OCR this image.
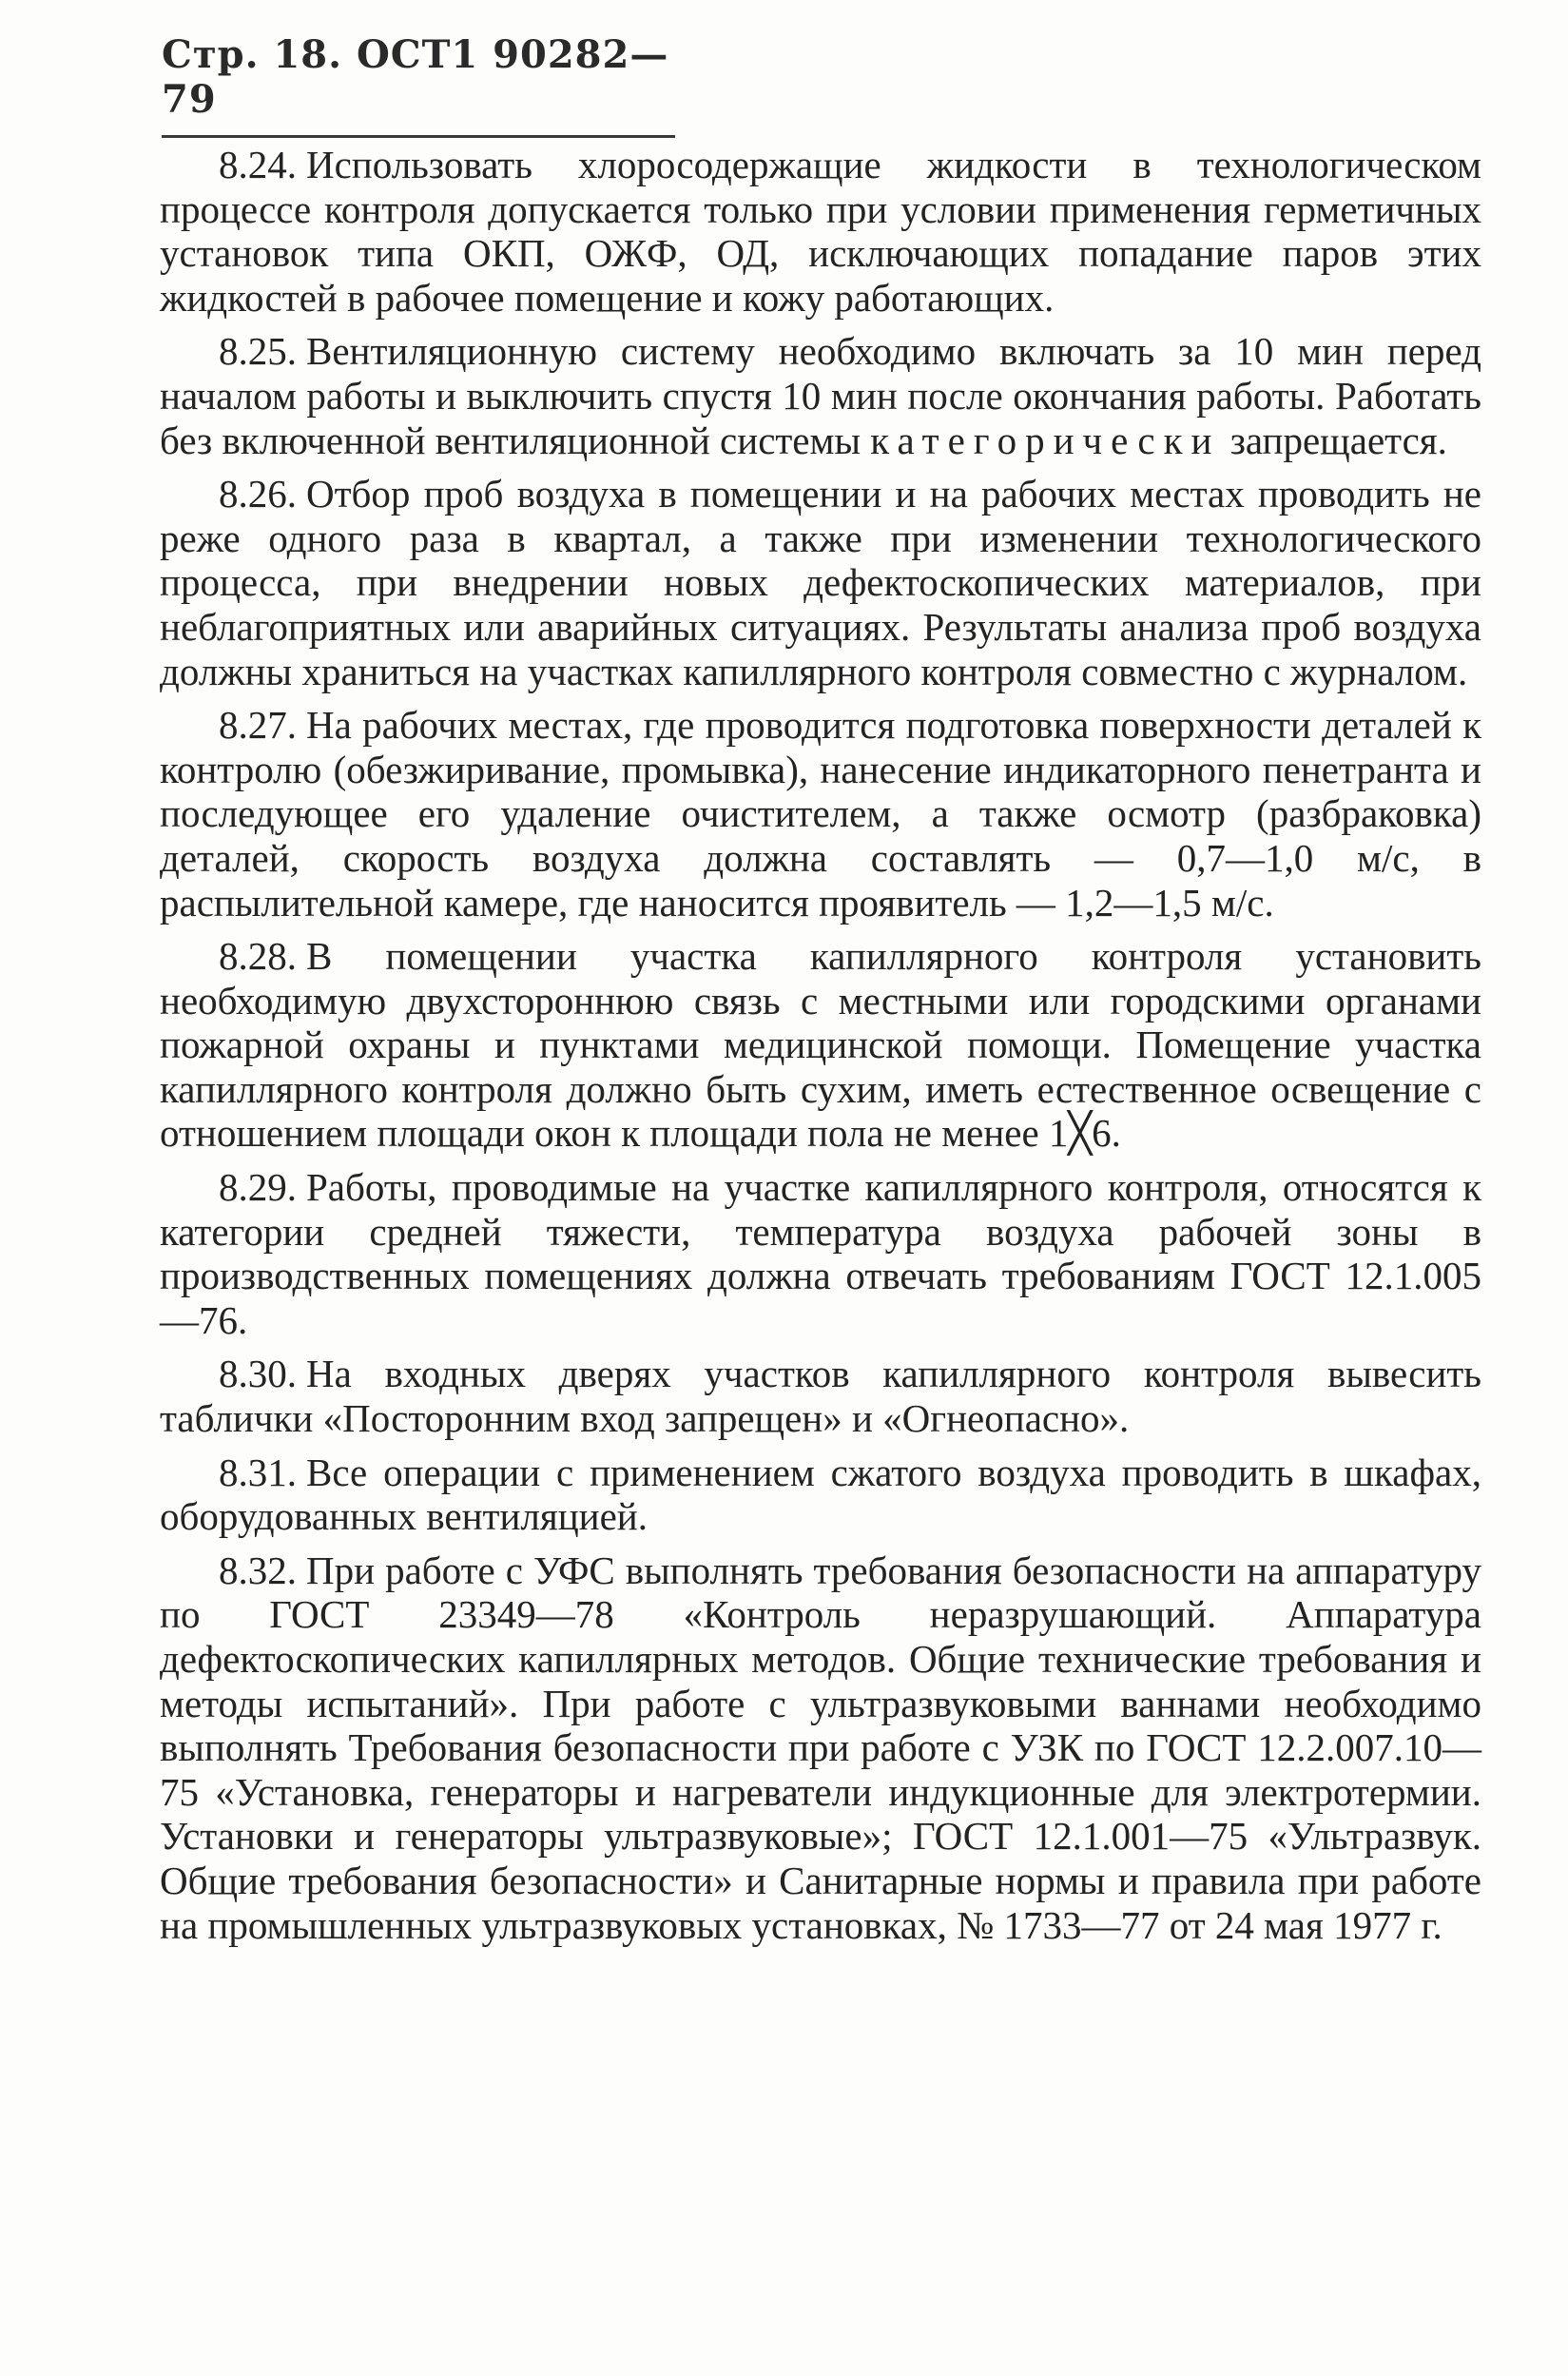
Стр. 18. ОСТ1 90282—79

8.24. Использовать хлоросодержащие жидкости в технологическом процессе контроля допускается только при условии применения герметичных установок типа ОКП, ОЖФ, ОД, исключающих попадание паров этих жидкостей в рабочее помещение и кожу работающих.

8.25. Вентиляционную систему необходимо включать за 10 мин перед началом работы и выключить спустя 10 мин после окончания работы. Работать без включенной вентиляционной системы категорически запрещается.

8.26. Отбор проб воздуха в помещении и на рабочих местах проводить не реже одного раза в квартал, а также при изменении технологического процесса, при внедрении новых дефектоскопических материалов, при неблагоприятных или аварийных ситуациях. Результаты анализа проб воздуха должны храниться на участках капиллярного контроля совместно с журналом.

8.27. На рабочих местах, где проводится подготовка поверхности деталей к контролю (обезжиривание, промывка), нанесение индикаторного пенетранта и последующее его удаление очистителем, а также осмотр (разбраковка) деталей, скорость воздуха должна составлять — 0,7—1,0 м/с, в распылительной камере, где наносится проявитель — 1,2—1,5 м/с.

8.28. В помещении участка капиллярного контроля установить необходимую двухстороннюю связь с местными или городскими органами пожарной охраны и пунктами медицинской помощи. Помещение участка капиллярного контроля должно быть сухим, иметь естественное освещение с отношением площади окон к площади пола не менее 1╳6.

8.29. Работы, проводимые на участке капиллярного контроля, относятся к категории средней тяжести, температура воздуха рабочей зоны в производственных помещениях должна отвечать требованиям ГОСТ 12.1.005—76.

8.30. На входных дверях участков капиллярного контроля вывесить таблички «Посторонним вход запрещен» и «Огнеопасно».

8.31. Все операции с применением сжатого воздуха проводить в шкафах, оборудованных вентиляцией.

8.32. При работе с УФС выполнять требования безопасности на аппаратуру по ГОСТ 23349—78 «Контроль неразрушающий. Аппаратура дефектоскопических капиллярных методов. Общие технические требования и методы испытаний». При работе с ультразвуковыми ваннами необходимо выполнять Требования безопасности при работе с УЗК по ГОСТ 12.2.007.10—75 «Установка, генераторы и нагреватели индукционные для электротермии. Установки и генераторы ультразвуковые»; ГОСТ 12.1.001—75 «Ультразвук. Общие требования безопасности» и Санитарные нормы и правила при работе на промышленных ультразвуковых установках, № 1733—77 от 24 мая 1977 г.
